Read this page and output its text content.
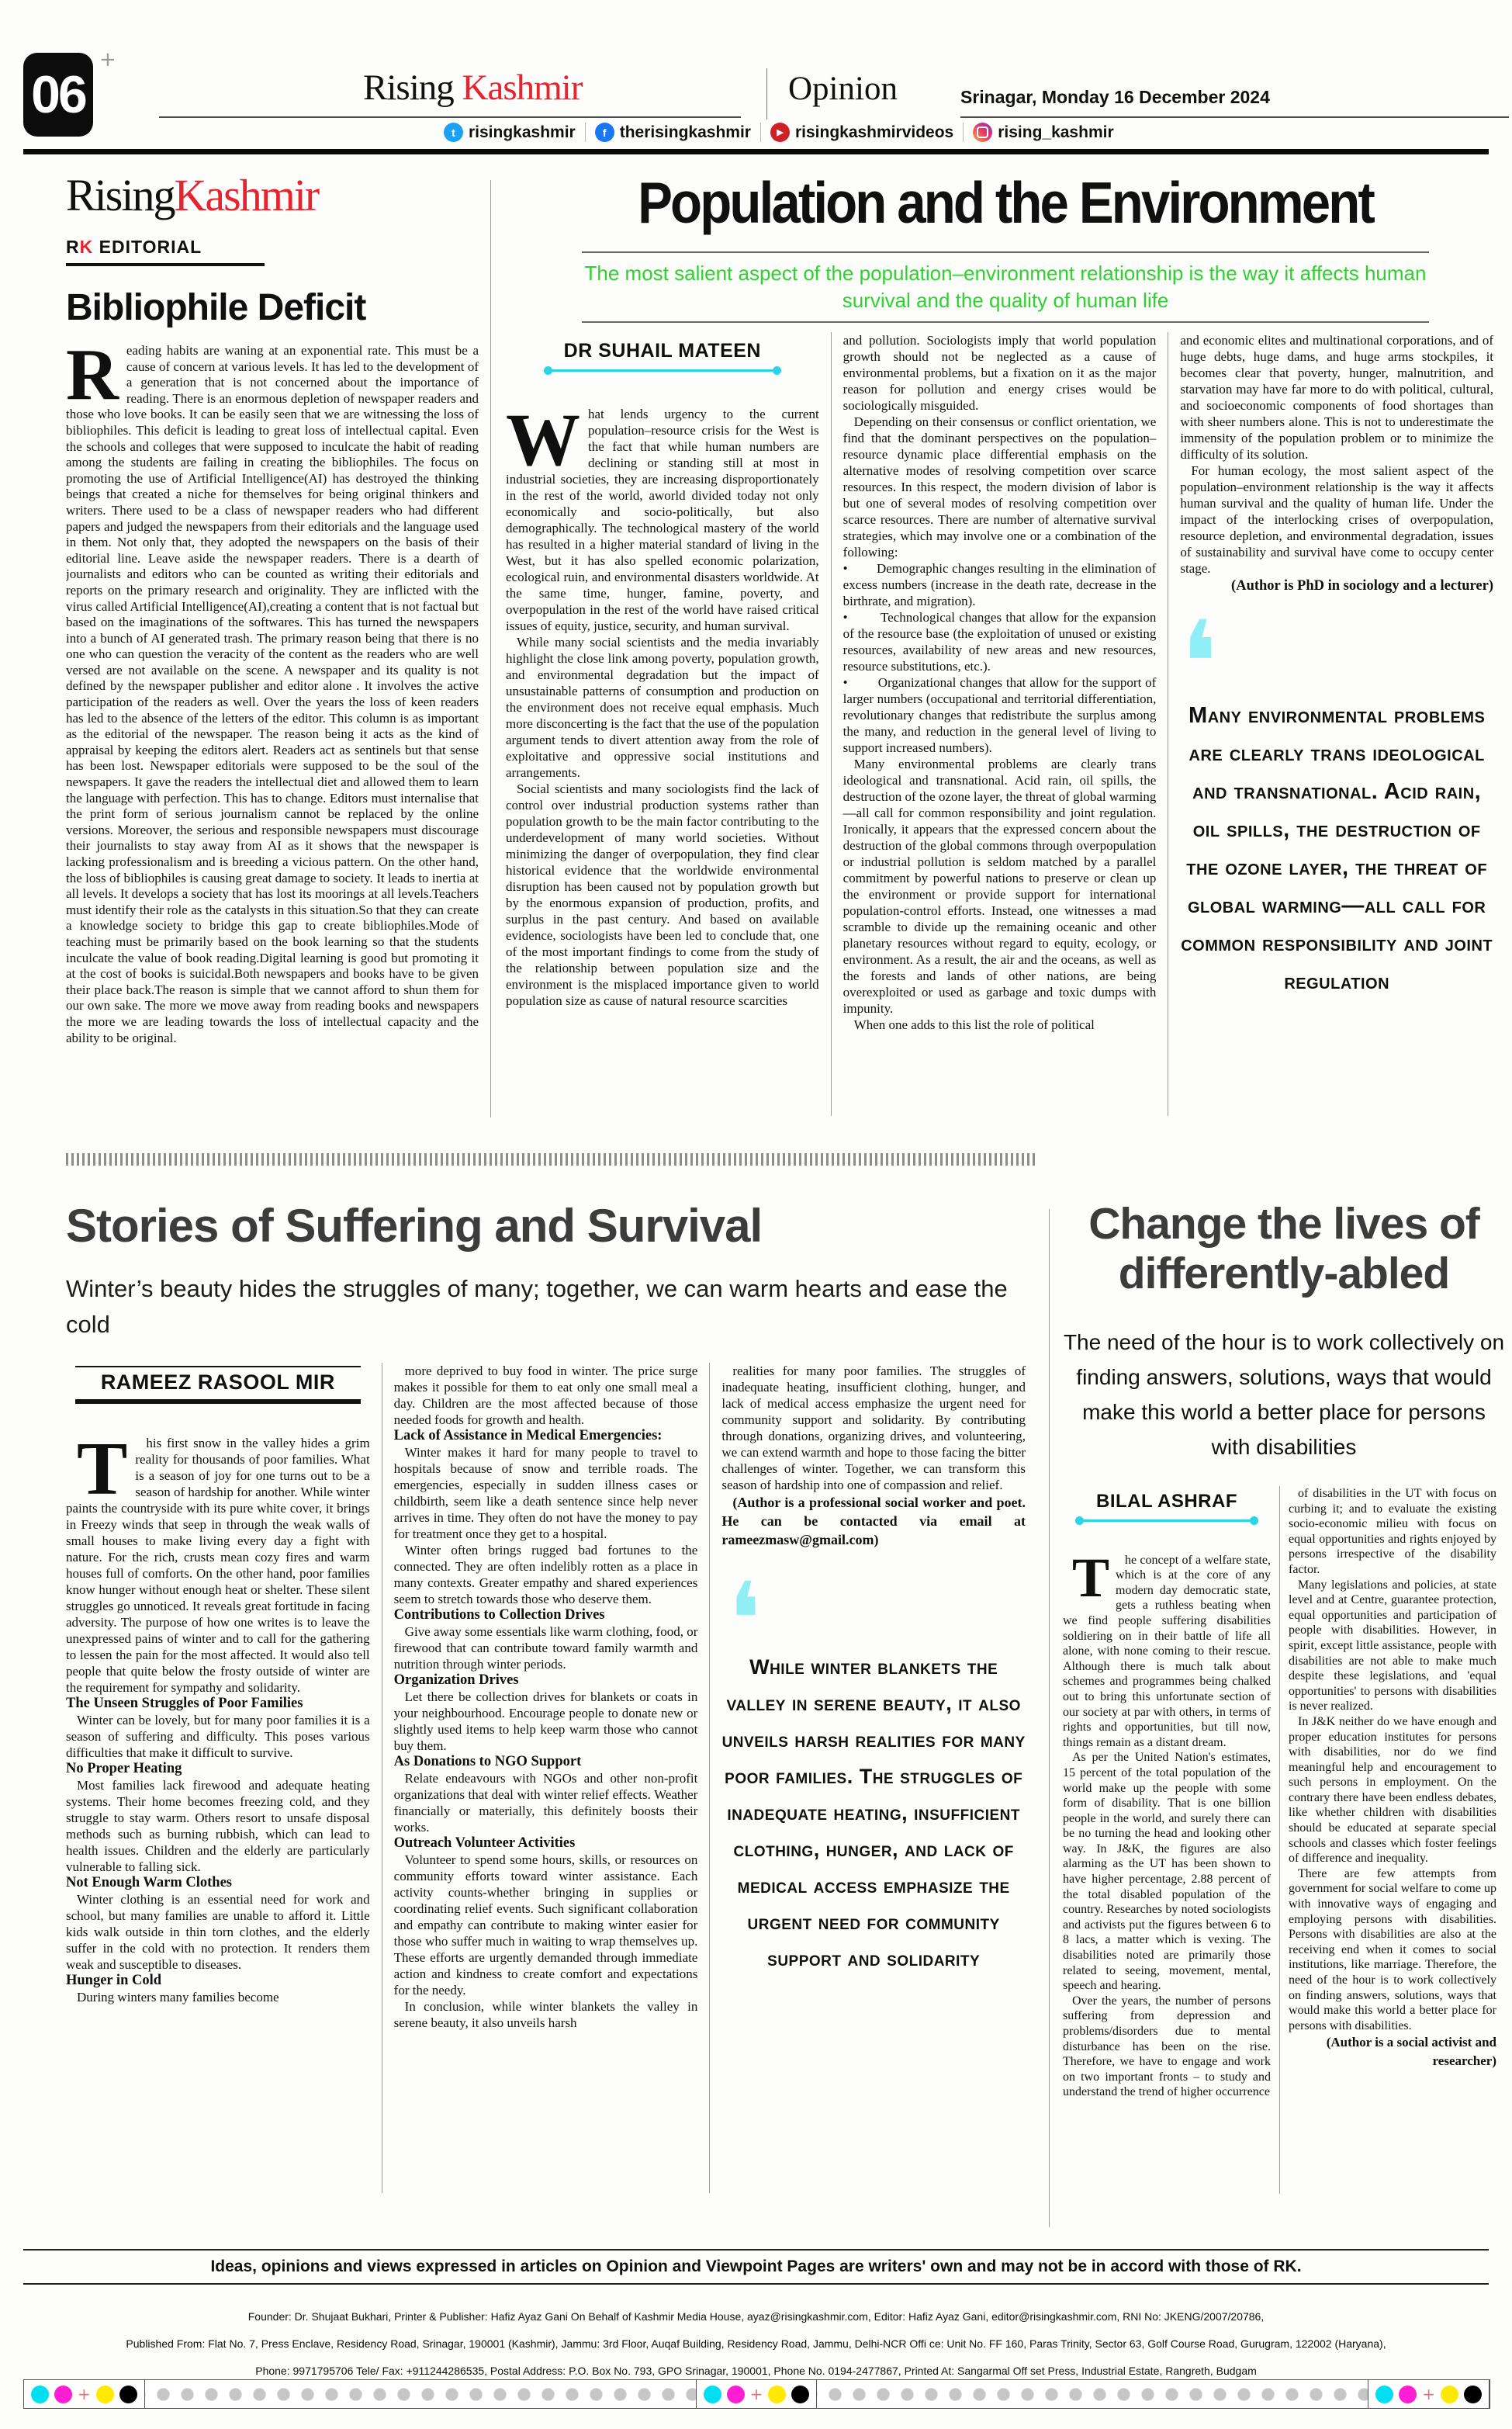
06
+
Rising Kashmir	Opinion	Srinagar, Monday 16 December 2024
t risingkashmir	f therisingkashmir	▶ risingkashmirvideos	rising_kashmir
RisingKashmir
RK EDITORIAL
Bibliophile Deficit
Reading habits are waning at an exponential rate. This must be a cause of concern at various levels. It has led to the development of a generation that is not concerned about the importance of reading. There is an enormous depletion of newspaper readers and those who love books. It can be easily seen that we are witnessing the loss of bibliophiles. This deficit is leading to great loss of intellectual capital. Even the schools and colleges that were supposed to inculcate the habit of reading among the students are failing in creating the bibliophiles. The focus on promoting the use of Artificial Intelligence(AI) has destroyed the thinking beings that created a niche for themselves for being original thinkers and writers. There used to be a class of newspaper readers who had different papers and judged the newspapers from their editorials and the language used in them. Not only that, they adopted the newspapers on the basis of their editorial line. Leave aside the newspaper readers. There is a dearth of journalists and editors who can be counted as writing their editorials and reports on the primary research and originality. They are inflicted with the virus called Artificial Intelligence(AI),creating a content that is not factual but based on the imaginations of the softwares. This has turned the newspapers into a bunch of AI generated trash. The primary reason being that there is no one who can question the veracity of the content as the readers who are well versed are not available on the scene. A newspaper and its quality is not defined by the newspaper publisher and editor alone . It involves the active participation of the readers as well. Over the years the loss of keen readers has led to the absence of the letters of the editor. This column is as important as the editorial of the newspaper. The reason being it acts as the kind of appraisal by keeping the editors alert. Readers act as sentinels but that sense has been lost. Newspaper editorials were supposed to be the soul of the newspapers. It gave the readers the intellectual diet and allowed them to learn the language with perfection. This has to change. Editors must internalise that the print form of serious journalism cannot be replaced by the online versions. Moreover, the serious and responsible newspapers must discourage their journalists to stay away from AI as it shows that the newspaper is lacking professionalism and is breeding a vicious pattern. On the other hand, the loss of bibliophiles is causing great damage to society. It leads to inertia at all levels. It develops a society that has lost its moorings at all levels.Teachers must identify their role as the catalysts in this situation.So that they can create a knowledge society to bridge this gap to create bibliophiles.Mode of teaching must be primarily based on the book learning so that the students inculcate the value of book reading.Digital learning is good but promoting it at the cost of books is suicidal.Both newspapers and books have to be given their place back.The reason is simple that we cannot afford to shun them for our own sake. The more we move away from reading books and newspapers the more we are leading towards the loss of intellectual capacity and the ability to be original.
Population and the Environment
The most salient aspect of the population–environment relationship is the way it affects human survival and the quality of human life
DR SUHAIL MATEEN

What lends urgency to the current population–resource crisis for the West is the fact that while human numbers are declining or standing still at most in industrial societies, they are increasing disproportionately in the rest of the world, aworld divided today not only economically and socio-politically, but also demographically. The technological mastery of the world has resulted in a higher material standard of living in the West, but it has also spelled economic polarization, ecological ruin, and environmental disasters worldwide. At the same time, hunger, famine, poverty, and overpopulation in the rest of the world have raised critical issues of equity, justice, security, and human survival.

While many social scientists and the media invariably highlight the close link among poverty, population growth, and environmental degradation but the impact of unsustainable patterns of consumption and production on the environment does not receive equal emphasis. Much more disconcerting is the fact that the use of the population argument tends to divert attention away from the role of exploitative and oppressive social institutions and arrangements.

Social scientists and many sociologists find the lack of control over industrial production systems rather than population growth to be the main factor contributing to the underdevelopment of many world societies. Without minimizing the danger of overpopulation, they find clear historical evidence that the worldwide environmental disruption has been caused not by population growth but by the enormous expansion of production, profits, and surplus in the past century. And based on available evidence, sociologists have been led to conclude that, one of the most important findings to come from the study of the relationship between population size and the environment is the misplaced importance given to world population size as cause of natural resource scarcities

and pollution. Sociologists imply that world population growth should not be neglected as a cause of environmental problems, but a fixation on it as the major reason for pollution and energy crises would be sociologically misguided.

Depending on their consensus or conflict orientation, we find that the dominant perspectives on the population–resource dynamic place differential emphasis on the alternative modes of resolving competition over scarce resources. In this respect, the modern division of labor is but one of several modes of resolving competition over scarce resources. There are number of alternative survival strategies, which may involve one or a combination of the following:

•        Demographic changes resulting in the elimination of excess numbers (increase in the death rate, decrease in the birthrate, and migration).

•        Technological changes that allow for the expansion of the resource base (the exploitation of unused or existing resources, availability of new areas and new resources, resource substitutions, etc.).

•        Organizational changes that allow for the support of larger numbers (occupational and territorial differentiation, revolutionary changes that redistribute the surplus among the many, and reduction in the general level of living to support increased numbers).

Many environmental problems are clearly trans ideological and transnational. Acid rain, oil spills, the destruction of the ozone layer, the threat of global warming—all call for common responsibility and joint regulation. Ironically, it appears that the expressed concern about the destruction of the global commons through overpopulation or industrial pollution is seldom matched by a parallel commitment by powerful nations to preserve or clean up the environment or provide support for international population-control efforts. Instead, one witnesses a mad scramble to divide up the remaining oceanic and other planetary resources without regard to equity, ecology, or environment. As a result, the air and the oceans, as well as the forests and lands of other nations, are being overexploited or used as garbage and toxic dumps with impunity.

When one adds to this list the role of political

and economic elites and multinational corporations, and of huge debts, huge dams, and huge arms stockpiles, it becomes clear that poverty, hunger, malnutrition, and starvation may have far more to do with political, cultural, and socioeconomic components of food shortages than with sheer numbers alone. This is not to underestimate the immensity of the population problem or to minimize the difficulty of its solution.

For human ecology, the most salient aspect of the population–environment relationship is the way it affects human survival and the quality of human life. Under the impact of the interlocking crises of overpopulation, resource depletion, and environmental degradation, issues of sustainability and survival have come to occupy center stage.

(Author is PhD in sociology and a lecturer)

❛

Many environmental problems are clearly trans ideological and transnational. Acid rain, oil spills, the destruction of the ozone layer, the threat of global warming—all call for common responsibility and joint regulation

Stories of Suffering and Survival
Winter’s beauty hides the struggles of many; together, we can warm hearts and ease the cold
RAMEEZ RASOOL MIR

This first snow in the valley hides a grim reality for thousands of poor families. What is a season of joy for one turns out to be a season of hardship for another. While winter paints the countryside with its pure white cover, it brings in Freezy winds that seep in through the weak walls of small houses to make living every day a fight with nature. For the rich, crusts mean cozy fires and warm houses full of comforts. On the other hand, poor families know hunger without enough heat or shelter. These silent struggles go unnoticed. It reveals great fortitude in facing adversity. The purpose of how one writes is to leave the unexpressed pains of winter and to call for the gathering to lessen the pain for the most affected. It would also tell people that quite below the frosty outside of winter are the requirement for sympathy and solidarity.

The Unseen Struggles of Poor Families

Winter can be lovely, but for many poor families it is a season of suffering and difficulty. This poses various difficulties that make it difficult to survive.

No Proper Heating

Most families lack firewood and adequate heating systems. Their home becomes freezing cold, and they struggle to stay warm. Others resort to unsafe disposal methods such as burning rubbish, which can lead to health issues. Children and the elderly are particularly vulnerable to falling sick.

Not Enough Warm Clothes

Winter clothing is an essential need for work and school, but many families are unable to afford it. Little kids walk outside in thin torn clothes, and the elderly suffer in the cold with no protection. It renders them weak and susceptible to diseases.

Hunger in Cold

During winters many families become

more deprived to buy food in winter. The price surge makes it possible for them to eat only one small meal a day. Children are the most affected because of those needed foods for growth and health.

Lack of Assistance in Medical Emergencies:

Winter makes it hard for many people to travel to hospitals because of snow and terrible roads. The emergencies, especially in sudden illness cases or childbirth, seem like a death sentence since help never arrives in time. They often do not have the money to pay for treatment once they get to a hospital.

Winter often brings rugged bad fortunes to the connected. They are often indelibly rotten as a place in many contexts. Greater empathy and shared experiences seem to stretch towards those who deserve them.

Contributions to Collection Drives

Give away some essentials like warm clothing, food, or firewood that can contribute toward family warmth and nutrition through winter periods.

Organization Drives

Let there be collection drives for blankets or coats in your neighbourhood. Encourage people to donate new or slightly used items to help keep warm those who cannot buy them.

As Donations to NGO Support

Relate endeavours with NGOs and other non-profit organizations that deal with winter relief effects. Weather financially or materially, this definitely boosts their works.

Outreach Volunteer Activities

Volunteer to spend some hours, skills, or resources on community efforts toward winter assistance. Each activity counts-whether bringing in supplies or coordinating relief events. Such significant collaboration and empathy can contribute to making winter easier for those who suffer much in waiting to wrap themselves up. These efforts are urgently demanded through immediate action and kindness to create comfort and expectations for the needy.

In conclusion, while winter blankets the valley in serene beauty, it also unveils harsh

realities for many poor families. The struggles of inadequate heating, insufficient clothing, hunger, and lack of medical access emphasize the urgent need for community support and solidarity. By contributing through donations, organizing drives, and volunteering, we can extend warmth and hope to those facing the bitter challenges of winter. Together, we can transform this season of hardship into one of compassion and relief.

(Author is a professional social worker and poet. He can be contacted via email at rameezmasw@gmail.com)

❛

While winter blankets the valley in serene beauty, it also unveils harsh realities for many poor families. The struggles of inadequate heating, insufficient clothing, hunger, and lack of medical access emphasize the urgent need for community support and solidarity

Change the lives of differently-abled
The need of the hour is to work collectively on finding answers, solutions, ways that would make this world a better place for persons with disabilities
BILAL ASHRAF

The concept of a welfare state, which is at the core of any modern day democratic state, gets a ruthless beating when we find people suffering disabilities soldiering on in their battle of life all alone, with none coming to their rescue. Although there is much talk about schemes and programmes being chalked out to bring this unfortunate section of our society at par with others, in terms of rights and opportunities, but till now, things remain as a distant dream.

As per the United Nation's estimates, 15 percent of the total population of the world make up the people with some form of disability. That is one billion people in the world, and surely there can be no turning the head and looking other way. In J&K, the figures are also alarming as the UT has been shown to have higher percentage, 2.88 percent of the total disabled population of the country. Researches by noted sociologists and activists put the figures between 6 to 8 lacs, a matter which is vexing. The disabilities noted are primarily those related to seeing, movement, mental, speech and hearing.

Over the years, the number of persons suffering from depression and problems/disorders due to mental disturbance has been on the rise. Therefore, we have to engage and work on two important fronts – to study and understand the trend of higher occurrence

of disabilities in the UT with focus on curbing it; and to evaluate the existing socio-economic milieu with focus on equal opportunities and rights enjoyed by persons irrespective of the disability factor.

Many legislations and policies, at state level and at Centre, guarantee protection, equal opportunities and participation of people with disabilities. However, in spirit, except little assistance, people with disabilities are not able to make much despite these legislations, and 'equal opportunities' to persons with disabilities is never realized.

In J&K neither do we have enough and proper education institutes for persons with disabilities, nor do we find meaningful help and encouragement to such persons in employment. On the contrary there have been endless debates, like whether children with disabilities should be educated at separate special schools and classes which foster feelings of difference and inequality.

There are few attempts from government for social welfare to come up with innovative ways of engaging and employing persons with disabilities. Persons with disabilities are also at the receiving end when it comes to social institutions, like marriage. Therefore, the need of the hour is to work collectively on finding answers, solutions, ways that would make this world a better place for persons with disabilities.

(Author is a social activist and researcher)

Ideas, opinions and views expressed in articles on Opinion and Viewpoint Pages are writers' own and may not be in accord with those of RK.
Founder: Dr. Shujaat Bukhari, Printer & Publisher: Hafiz Ayaz Gani On Behalf of Kashmir Media House, ayaz@risingkashmir.com, Editor: Hafiz Ayaz Gani, editor@risingkashmir.com, RNI No: JKENG/2007/20786,
Published From: Flat No. 7, Press Enclave, Residency Road, Srinagar, 190001 (Kashmir), Jammu: 3rd Floor, Auqaf Building, Residency Road, Jammu, Delhi-NCR Offi ce: Unit No. FF 160, Paras Trinity, Sector 63, Golf Course Road, Gurugram, 122002 (Haryana),
Phone: 9971795706 Tele/ Fax: +911244286535, Postal Address: P.O. Box No. 793, GPO Srinagar, 190001, Phone No. 0194-2477867, Printed At: Sangarmal Off set Press, Industrial Estate, Rangreth, Budgam
+	+	+
